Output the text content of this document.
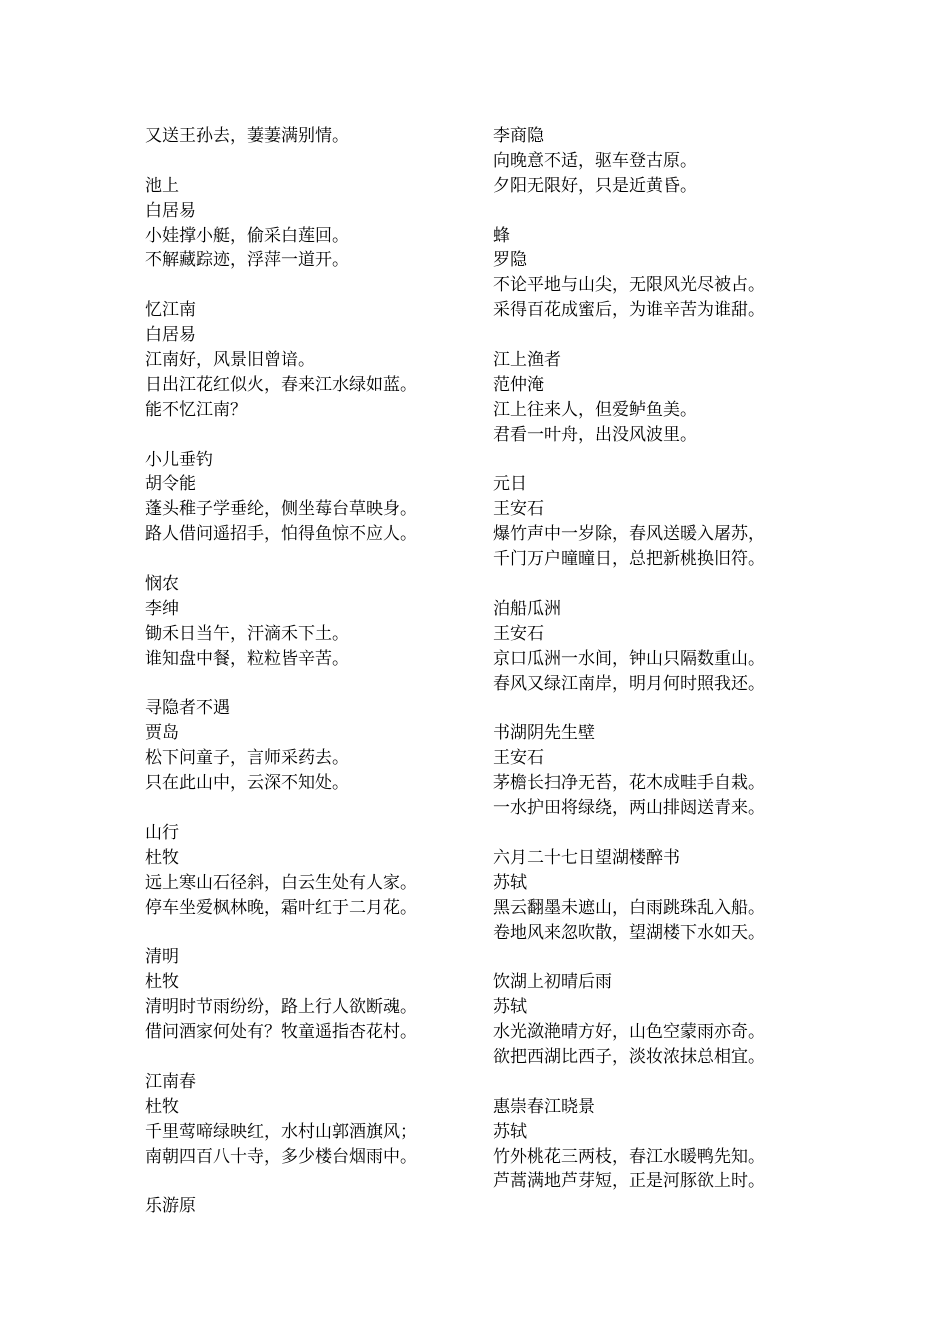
又送王孙去，萋萋满别情。
池上
白居易
小娃撑小艇，偷采白莲回。
不解藏踪迹，浮萍一道开。
忆江南
白居易
江南好，风景旧曾谙。
日出江花红似火，春来江水绿如蓝。
能不忆江南？
小儿垂钓
胡令能
蓬头稚子学垂纶，侧坐莓台草映身。
路人借问遥招手，怕得鱼惊不应人。
悯农
李绅
锄禾日当午，汗滴禾下土。
谁知盘中餐，粒粒皆辛苦。
寻隐者不遇
贾岛
松下问童子，言师采药去。
只在此山中，云深不知处。
山行
杜牧
远上寒山石径斜，白云生处有人家。
停车坐爱枫林晚，霜叶红于二月花。
清明
杜牧
清明时节雨纷纷，路上行人欲断魂。
借问酒家何处有？牧童遥指杏花村。
江南春
杜牧
千里莺啼绿映红，水村山郭酒旗风；
南朝四百八十寺，多少楼台烟雨中。
乐游原
李商隐
向晚意不适，驱车登古原。
夕阳无限好，只是近黄昏。
蜂
罗隐
不论平地与山尖，无限风光尽被占。
采得百花成蜜后，为谁辛苦为谁甜。
江上渔者
范仲淹
江上往来人，但爱鲈鱼美。
君看一叶舟，出没风波里。
元日
王安石
爆竹声中一岁除，春风送暖入屠苏，
千门万户曈曈日，总把新桃换旧符。
泊船瓜洲
王安石
京口瓜洲一水间，钟山只隔数重山。
春风又绿江南岸，明月何时照我还。
书湖阴先生壁
王安石
茅檐长扫净无苔，花木成畦手自栽。
一水护田将绿绕，两山排闼送青来。
六月二十七日望湖楼醉书
苏轼
黑云翻墨未遮山，白雨跳珠乱入船。
卷地风来忽吹散，望湖楼下水如天。
饮湖上初晴后雨
苏轼
水光潋滟晴方好，山色空蒙雨亦奇。
欲把西湖比西子，淡妆浓抹总相宜。
惠崇春江晓景
苏轼
竹外桃花三两枝，春江水暖鸭先知。
芦蒿满地芦芽短，正是河豚欲上时。
